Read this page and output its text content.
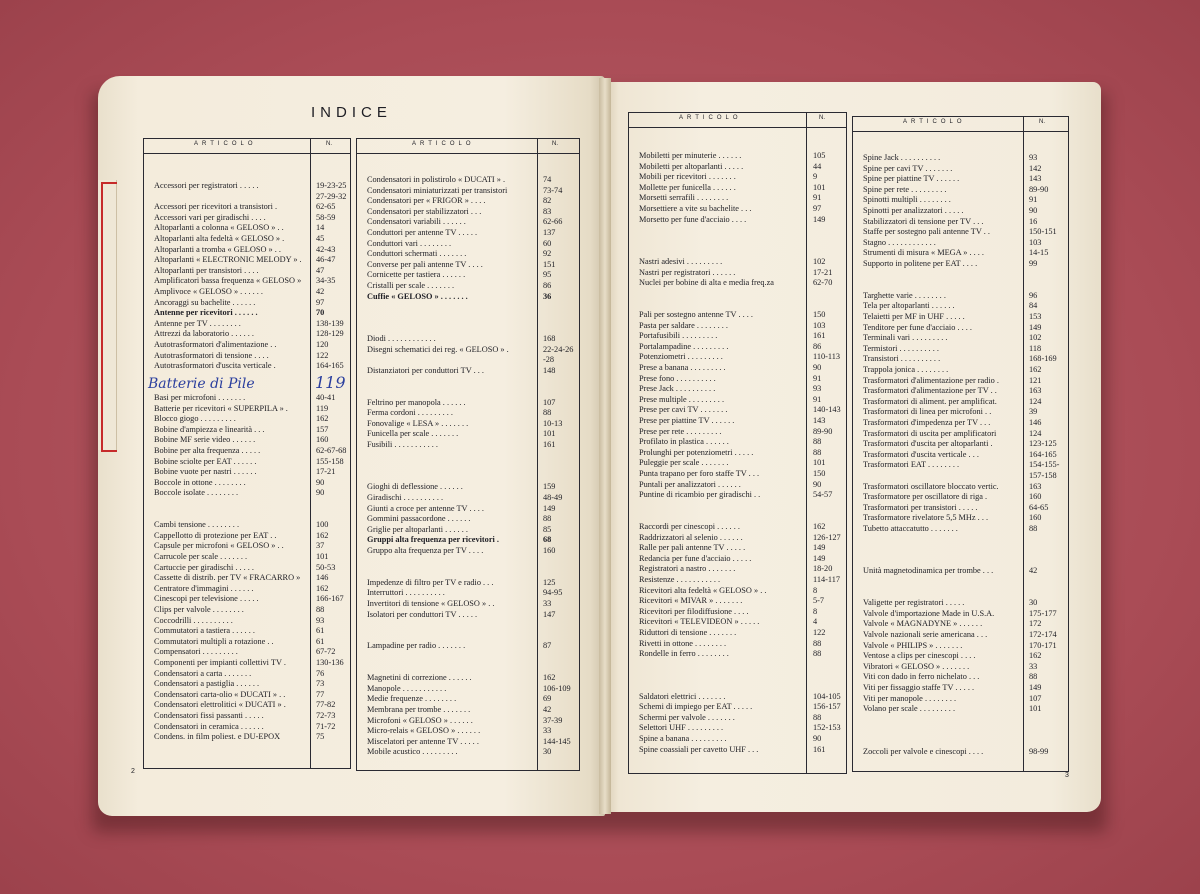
INDICE
ARTICOLO	N.
Accessori per registratori . . . . .	19-23-25
27-29-32
Accessori per ricevitori a transistori .	62-65
Accessori vari per giradischi . . . .	58-59
Altoparlanti a colonna « GELOSO » . .	14
Altoparlanti alta fedeltà « GELOSO » .	45
Altoparlanti a tromba « GELOSO » . .	42-43
Altoparlanti « ELECTRONIC MELODY » . 46-47
Altoparlanti per transistori . . . .	47
Amplificatori bassa frequenza « GELOSO » 34-35
Amplivoce « GELOSO » . . . . . .	42
Ancoraggi su bachelite . . . . . .	97
Antenne per ricevitori . . . . . .	70
Antenne per TV . . . . . . . .	138-139
Attrezzi da laboratorio . . . . . .	128-129
Autotrasformatori d'alimentazione . .	120
Autotrasformatori di tensione . . . .	122
Autotrasformatori d'uscita verticale .	164-165
Basi per microfoni . . . . . . .	40-41
Batterie per ricevitori « SUPERPILA » .	119
Blocco giogo . . . . . . . . .	162
Bobine d'ampiezza e linearità . . .	157
Bobine MF serie video . . . . . .	160
Bobine per alta frequenza . . . . .	62-67-68
Bobine sciolte per EAT . . . . . .	155-158
Bobine vuote per nastri . . . . . .	17-21
Boccole in ottone . . . . . . . .	90
Boccole isolate . . . . . . . .	90
Cambi tensione . . . . . . . .	100
Cappellotto di protezione per EAT . .	162
Capsule per microfoni « GELOSO » . .	37
Carrucole per scale . . . . . . .	101
Cartuccie per giradischi . . . . .	50-53
Cassette di distrib. per TV « FRACARRO » 146
Centratore d'immagini . . . . . .	162
Cinescopi per televisione . . . . .	166-167
Clips per valvole . . . . . . . .	88
Coccodrilli . . . . . . . . . .	93
Commutatori a tastiera . . . . . .	61
Commutatori multipli a rotazione . .	61
Compensatori . . . . . . . . .	67-72
Componenti per impianti collettivi TV .	130-136
Condensatori a carta . . . . . . .	76
Condensatori a pastiglia . . . . . .	73
Condensatori carta-olio « DUCATI » . .	77
Condensatori elettrolitici « DUCATI » .	77-82
Condensatori fissi passanti . . . . .	72-73
Condensatori in ceramica . . . . . .	71-72
Condens. in film poliest. e DU-EPOX	75
ARTICOLO	N.
Condensatori in polistirolo « DUCATI » .	74
Condensatori miniaturizzati per transistori	73-74
Condensatori per « FRIGOR » . . . .	82
Condensatori per stabilizzatori . . .	83
Condensatori variabili . . . . . .	62-66
Conduttori per antenne TV . . . . .	137
Conduttori vari . . . . . . . .	60
Conduttori schermati . . . . . . .	92
Converse per pali antenne TV . . . .	151
Cornicette per tastiera . . . . . .	95
Cristalli per scale . . . . . . .	86
Cuffie « GELOSO » . . . . . . .	36
Diodi . . . . . . . . . . . .	168
Disegni schematici dei reg. « GELOSO » .	22-24-26
-28
Distanziatori per conduttori TV . . .	148
Feltrino per manopola . . . . . .	107
Ferma cordoni . . . . . . . . .	88
Fonovalige « LESA » . . . . . . .	10-13
Funicella per scale . . . . . . .	101
Fusibili . . . . . . . . . . .	161
Gioghi di deflessione . . . . . .	159
Giradischi . . . . . . . . . .	48-49
Giunti a croce per antenne TV . . . .	149
Gommini passacordone . . . . . .	88
Griglie per altoparlanti . . . . . .	85
Gruppi alta frequenza per ricevitori .	68
Gruppo alta frequenza per TV . . . .	160
Impedenze di filtro per TV e radio . . .	125
Interruttori . . . . . . . . . .	94-95
Invertitori di tensione « GELOSO » . .	33
Isolatori per conduttori TV . . . . .	147
Lampadine per radio . . . . . . .	87
Magnetini di correzione . . . . . .	162
Manopole . . . . . . . . . . .	106-109
Medie frequenze . . . . . . . .	69
Membrana per trombe . . . . . . .	42
Microfoni « GELOSO » . . . . . .	37-39
Micro-relais « GELOSO » . . . . . .	33
Miscelatori per antenne TV . . . . .	144-145
Mobile acustico . . . . . . . . .	30
ARTICOLO	N.
Mobiletti per minuterie . . . . . .	105
Mobiletti per altoparlanti . . . . .	44
Mobili per ricevitori . . . . . . .	9
Mollette per funicella . . . . . .	101
Morsetti serrafili . . . . . . . .	91
Morsettiere a vite su bachelite . . .	97
Morsetto per fune d'acciaio . . . .	149
Nastri adesivi . . . . . . . . .	102
Nastri per registratori . . . . . .	17-21
Nuclei per bobine di alta e media freq.za	62-70
Pali per sostegno antenne TV . . . .	150
Pasta per saldare . . . . . . . .	103
Portafusibili . . . . . . . . .	161
Portalampadine . . . . . . . . .	86
Potenziometri . . . . . . . . .	110-113
Prese a banana . . . . . . . . .	90
Prese fono . . . . . . . . . .	91
Prese Jack . . . . . . . . . .	93
Prese multiple . . . . . . . . .	91
Prese per cavi TV . . . . . . .	140-143
Prese per piattine TV . . . . . .	143
Prese per rete . . . . . . . . .	89-90
Profilato in plastica . . . . . .	88
Prolunghi per potenziometri . . . . .	88
Puleggie per scale . . . . . . .	101
Punta trapano per foro staffe TV . . .	150
Puntali per analizzatori . . . . . .	90
Puntine di ricambio per giradischi . .	54-57
Raccordi per cinescopi . . . . . .	162
Raddrizzatori al selenio . . . . . .	126-127
Ralle per pali antenne TV . . . . .	149
Redancia per fune d'acciaio . . . . .	149
Registratori a nastro . . . . . . .	18-20
Resistenze . . . . . . . . . . .	114-117
Ricevitori alta fedeltà « GELOSO » . .	8
Ricevitori « MIVAR » . . . . . . .	5-7
Ricevitori per filodiffusione . . . .	8
Ricevitori « TELEVIDEON » . . . . .	4
Riduttori di tensione . . . . . . .	122
Rivetti in ottone . . . . . . . .	88
Rondelle in ferro . . . . . . . .	88
Saldatori elettrici . . . . . . .	104-105
Schemi di impiego per EAT . . . . .	156-157
Schermi per valvole . . . . . . .	88
Selettori UHF . . . . . . . . .	152-153
Spine a banana . . . . . . . . .	90
Spine coassiali per cavetto UHF . . .	161
ARTICOLO	N.
Spine Jack . . . . . . . . . .	93
Spine per cavi TV . . . . . . .	142
Spine per piattine TV . . . . . .	143
Spine per rete . . . . . . . . .	89-90
Spinotti multipli . . . . . . . .	91
Spinotti per analizzatori . . . . .	90
Stabilizzatori di tensione per TV . . .	16
Staffe per sostegno pali antenne TV . .	150-151
Stagno . . . . . . . . . . . .	103
Strumenti di misura « MEGA » . . . .	14-15
Supporto in politene per EAT . . . .	99
Targhette varie . . . . . . . .	96
Tela per altoparlanti . . . . . .	84
Telaietti per MF in UHF . . . . .	153
Tenditore per fune d'acciaio . . . .	149
Terminali vari . . . . . . . . .	102
Termistori . . . . . . . . . .	118
Transistori . . . . . . . . . .	168-169
Trappola jonica . . . . . . . .	162
Trasformatori d'alimentazione per radio .	121
Trasformatori d'alimentazione per TV . .	163
Trasformatori di aliment. per amplificat.	124
Trasformatori di linea per microfoni . .	39
Trasformatori d'impedenza per TV . . .	146
Trasformatori di uscita per amplificatori	124
Trasformatori d'uscita per altoparlanti .	123-125
Trasformatori d'uscita verticale . . .	164-165
Trasformatori EAT . . . . . . . .	154-155-
157-158
Trasformatori oscillatore bloccato vertic.	163
Trasformatore per oscillatore di riga .	160
Trasformatori per transistori . . . . .	64-65
Trasformatore rivelatore 5,5 MHz . . .	160
Tubetto attaccatutto . . . . . . .	88
Unità magnetodinamica per trombe . . .	42
Valigette per registratori . . . . .	30
Valvole d'importazione Made in U.S.A.	175-177
Valvole « MAGNADYNE » . . . . . .	172
Valvole nazionali serie americana . . .	172-174
Valvole « PHILIPS » . . . . . . .	170-171
Ventose a clips per cinescopi . . . .	162
Vibratori « GELOSO » . . . . . . .	33
Viti con dado in ferro nichelato . . .	88
Viti per fissaggio staffe TV . . . . .	149
Viti per manopole . . . . . . . .	107
Volano per scale . . . . . . . . .	101
Zoccoli per valvole e cinescopi . . . .	98-99
Batterie di Pile	119
2
3
